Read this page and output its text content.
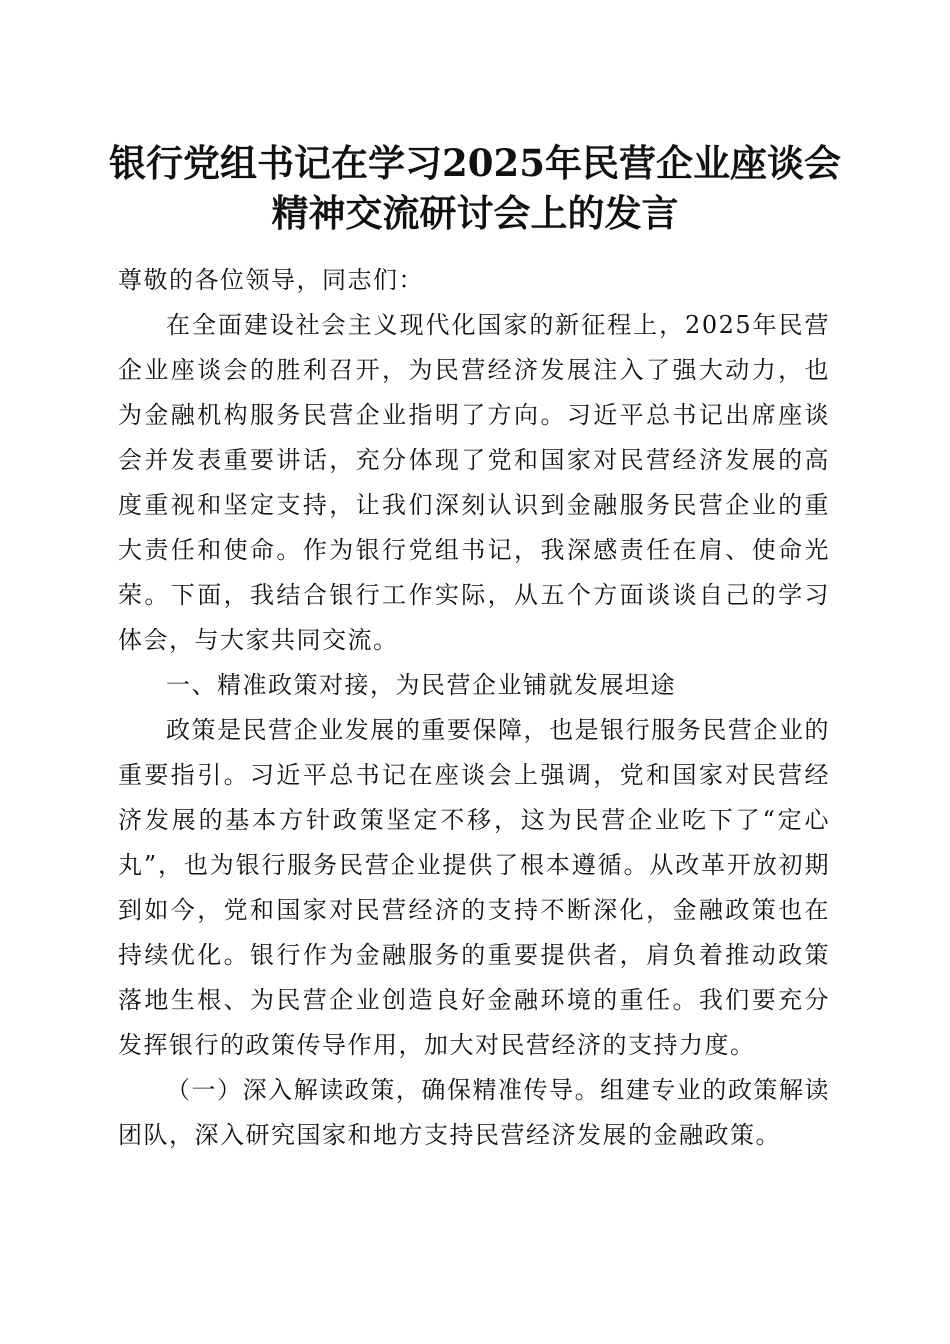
银行党组书记在学习2025年民营企业座谈会
精神交流研讨会上的发言

尊敬的各位领导，同志们：

在全面建设社会主义现代化国家的新征程上，2025年民营企业座谈会的胜利召开，为民营经济发展注入了强大动力，也为金融机构服务民营企业指明了方向。习近平总书记出席座谈会并发表重要讲话，充分体现了党和国家对民营经济发展的高度重视和坚定支持，让我们深刻认识到金融服务民营企业的重大责任和使命。作为银行党组书记，我深感责任在肩、使命光荣。下面，我结合银行工作实际，从五个方面谈谈自己的学习体会，与大家共同交流。

一、精准政策对接，为民营企业铺就发展坦途

政策是民营企业发展的重要保障，也是银行服务民营企业的重要指引。习近平总书记在座谈会上强调，党和国家对民营经济发展的基本方针政策坚定不移，这为民营企业吃下了“定心丸”，也为银行服务民营企业提供了根本遵循。从改革开放初期到如今，党和国家对民营经济的支持不断深化，金融政策也在持续优化。银行作为金融服务的重要提供者，肩负着推动政策落地生根、为民营企业创造良好金融环境的重任。我们要充分发挥银行的政策传导作用，加大对民营经济的支持力度。

（一）深入解读政策，确保精准传导。组建专业的政策解读团队，深入研究国家和地方支持民营经济发展的金融政策。
